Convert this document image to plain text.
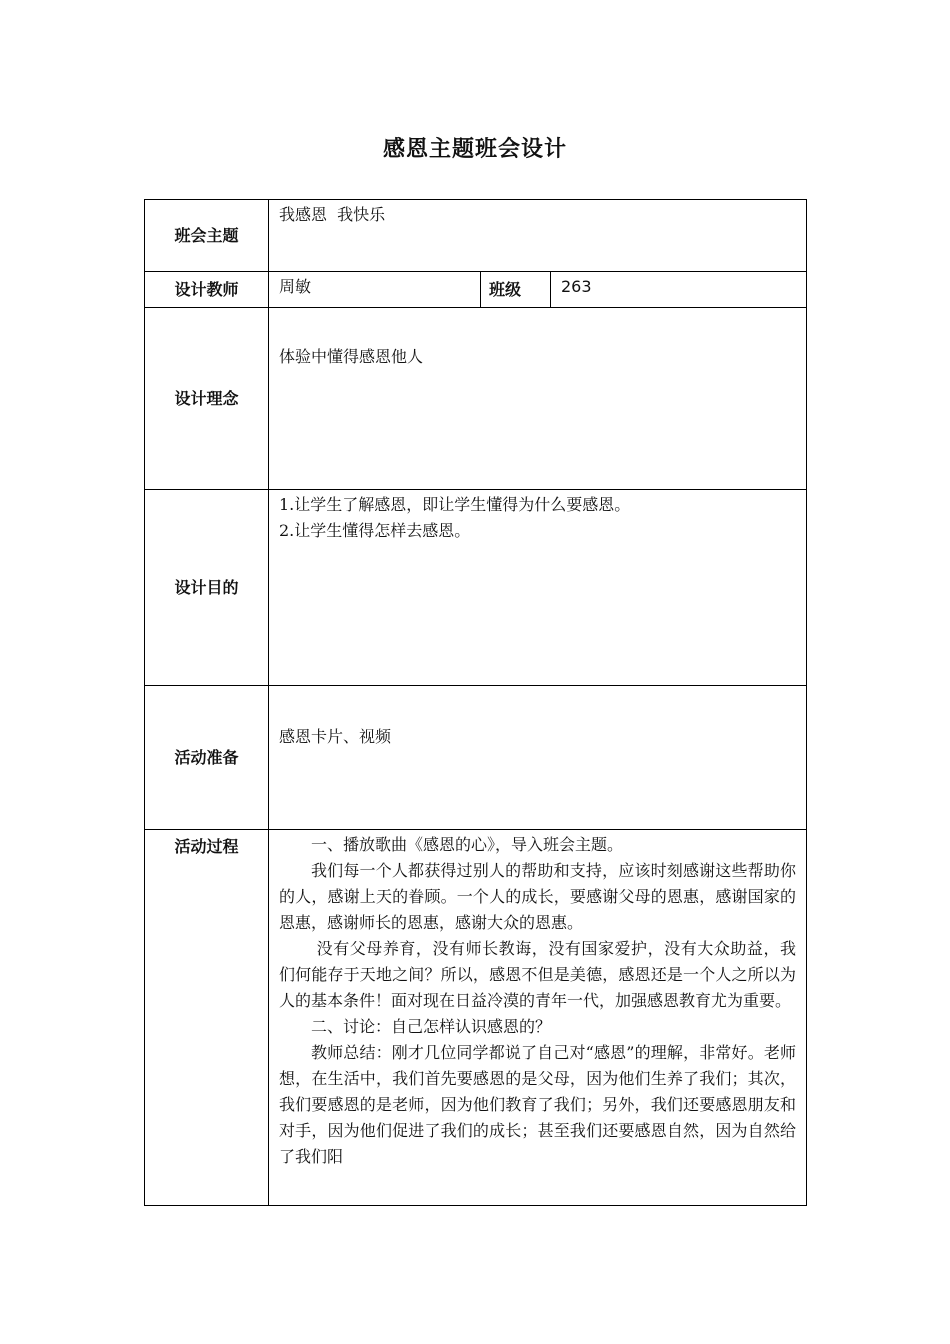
感恩主题班会设计
班会主题	我感恩  我快乐		
设计教师	周敏	班级	263
设计理念	体验中懂得感恩他人		
设计目的	1.让学生了解感恩，即让学生懂得为什么要感恩。

2.让学生懂得怎样去感恩。		

活动准备	感恩卡片、视频		
活动过程	一、播放歌曲《感恩的心》，导入班会主题。

我们每一个人都获得过别人的帮助和支持，应该时刻感谢这些帮助你的人，感谢上天的眷顾。一个人的成长，要感谢父母的恩惠，感谢国家的恩惠，感谢师长的恩惠，感谢大众的恩惠。

没有父母养育，没有师长教诲，没有国家爱护，没有大众助益，我们何能存于天地之间？所以，感恩不但是美德，感恩还是一个人之所以为人的基本条件！面对现在日益冷漠的青年一代，加强感恩教育尤为重要。

二、讨论：自己怎样认识感恩的？

教师总结：刚才几位同学都说了自己对“感恩”的理解，非常好。老师想，在生活中，我们首先要感恩的是父母，因为他们生养了我们；其次，我们要感恩的是老师，因为他们教育了我们；另外，我们还要感恩朋友和对手，因为他们促进了我们的成长；甚至我们还要感恩自然，因为自然给了我们阳		
